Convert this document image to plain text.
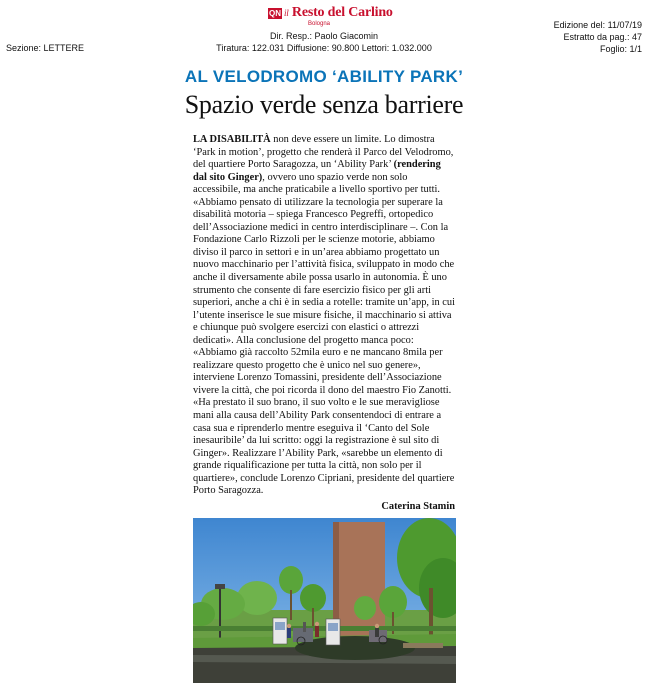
QN il Resto del Carlino
Bologna
Sezione: LETTERE
Dir. Resp.: Paolo Giacomin
Tiratura: 122.031 Diffusione: 90.800 Lettori: 1.032.000
Edizione del: 11/07/19
Estratto da pag.: 47
Foglio: 1/1
AL VELODROMO ‘ABILITY PARK’
Spazio verde senza barriere

LA DISABILITÀ non deve essere un limite. Lo dimostra ‘Park in motion’, progetto che renderà il Parco del Velodromo, del quartiere Porto Saragozza, un ‘Ability Park’ (rendering dal sito Ginger), ovvero uno spazio verde non solo accessibile, ma anche praticabile a livello sportivo per tutti. «Abbiamo pensato di utilizzare la tecnologia per superare la disabilità motoria – spiega Francesco Pegreffi, ortopedico dell’Associazione medici in centro interdisciplinare –. Con la Fondazione Carlo Rizzoli per le scienze motorie, abbiamo diviso il parco in settori e in un’area abbiamo progettato un nuovo macchinario per l’attività fisica, sviluppato in modo che anche il diversamente abile possa usarlo in autonomia. È uno strumento che consente di fare esercizio fisico per gli arti superiori, anche a chi è in sedia a rotelle: tramite un’app, in cui l’utente inserisce le sue misure fisiche, il macchinario si attiva e chiunque può svolgere esercizi con elastici o attrezzi dedicati». Alla conclusione del progetto manca poco: «Abbiamo già raccolto 52mila euro e ne mancano 8mila per realizzare questo progetto che è unico nel suo genere», interviene Lorenzo Tomassini, presidente dell’Associazione vivere la città, che poi ricorda il dono del maestro Fio Zanotti. «Ha prestato il suo brano, il suo volto e le sue meravigliose mani alla causa dell’Ability Park consentendoci di entrare a casa sua e riprenderlo mentre eseguiva il ‘Canto del Sole inesauribile’ da lui scritto: oggi la registrazione è sul sito di Ginger». Realizzare l’Ability Park, «sarebbe un elemento di grande riqualificazione per tutta la città, non solo per il quartiere», conclude Lorenzo Cipriani, presidente del quartiere Porto Saragozza.

Caterina Stamin
